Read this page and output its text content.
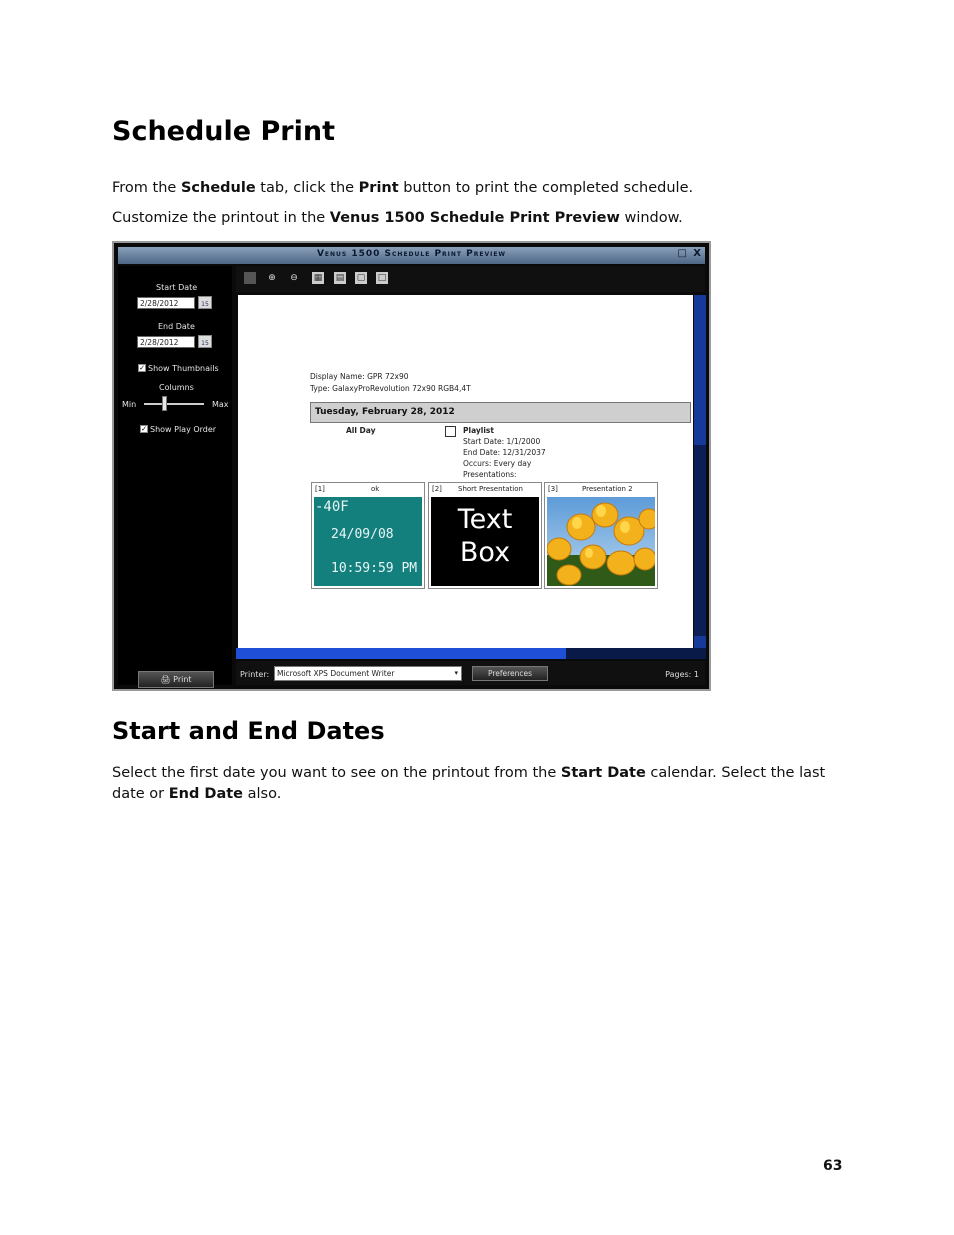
Schedule Print

From the Schedule tab, click the Print button to print the completed schedule.

Customize the printout in the Venus 1500 Schedule Print Preview window.

Venus 1500 Schedule Print Preview	□ X
Start Date
2/28/2012	15
End Date
2/28/2012	15
✓ Show Thumbnails
Columns
Min	Max
✓ Show Play Order
🖨 Print
⊕ ⊖ ▦ ▤ ▢ □
Display Name: GPR 72x90
Type: GalaxyProRevolution 72x90 RGB4,4T
Tuesday, February 28, 2012
All Day	Playlist
Start Date: 1/1/2000
End Date: 12/31/2037
Occurs: Every day
Presentations:
[1]	ok
-40F
24/09/08
10:59:59 PM
[2] Short Presentation
Text
Box
[3]	Presentation 2
Printer:	Microsoft XPS Document Writer	▾	Preferences	Pages: 1
Start and End Dates

Select the first date you want to see on the printout from the Start Date calendar. Select the last date or End Date also.

63
